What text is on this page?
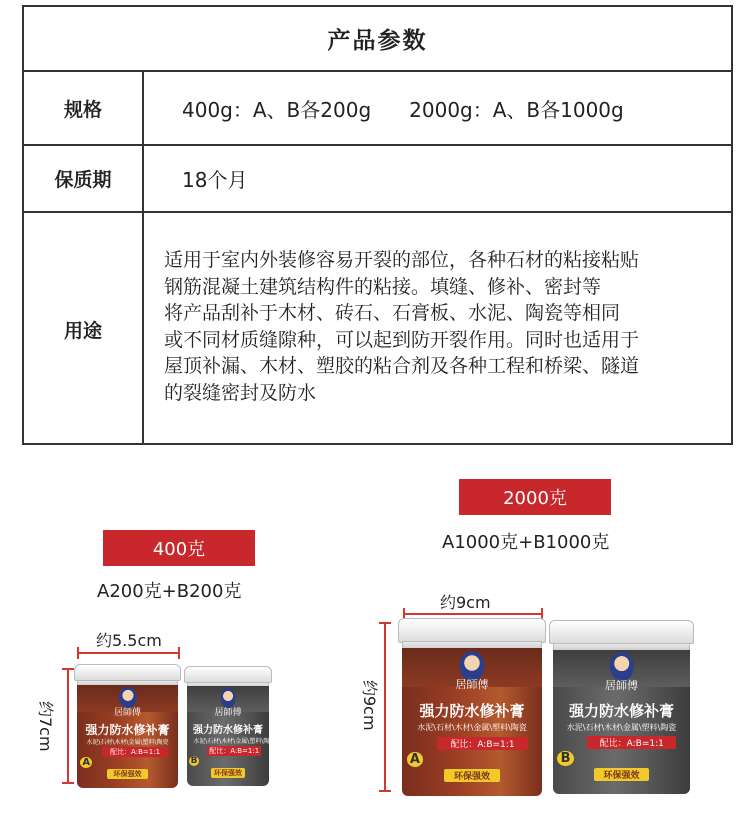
产品参数
规格	400g：A、B各200g 2000g：A、B各1000g
保质期	18个月
用途
适用于室内外装修容易开裂的部位，各种石材的粘接粘贴
钢筋混凝土建筑结构件的粘接。填缝、修补、密封等
将产品刮补于木材、砖石、石膏板、水泥、陶瓷等相同
或不同材质缝隙种，可以起到防开裂作用。同时也适用于
屋顶补漏、木材、塑胶的粘合剂及各种工程和桥梁、隧道
的裂缝密封及防水
2000克
A1000克+B1000克
400克
A200克+B200克
约5.5cm
约7cm
约9cm
约9cm
居師傅
强力防水修补膏
水泥\石材\木材\金属\塑料\陶瓷
配比：A:B=1:1
A
环保强效
居師傅
强力防水修补膏
水泥\石材\木材\金属\塑料\陶瓷
配比：A:B=1:1
B
环保强效
居師傅
强力防水修补膏
水泥\石材\木材\金属\塑料\陶瓷
配比：A:B=1:1
A
环保强效
居師傅
强力防水修补膏
水泥\石材\木材\金属\塑料\陶瓷
配比：A:B=1:1
B
环保强效
